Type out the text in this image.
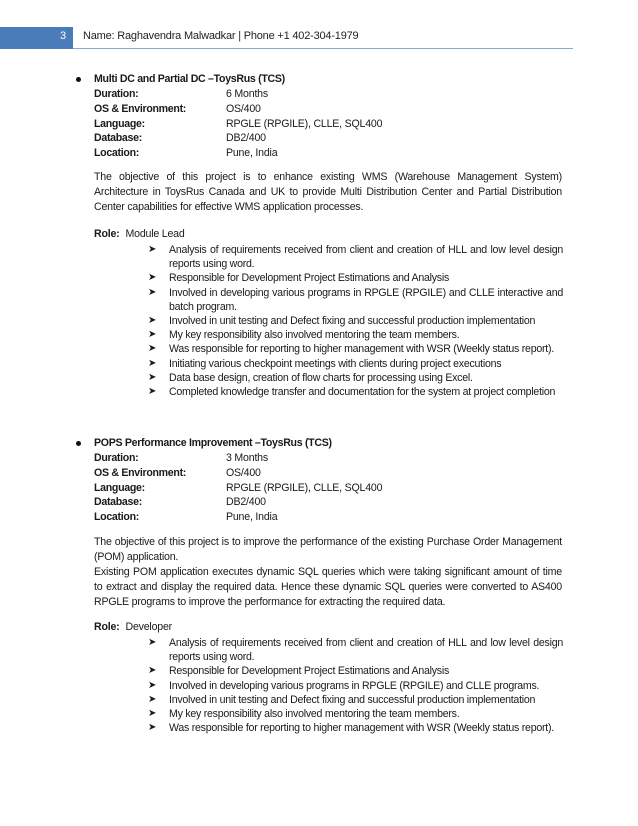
3	Name: Raghavendra Malwadkar | Phone +1 402-304-1979
Multi DC and Partial DC –ToysRus (TCS)
Duration:	6 Months
OS & Environment:	OS/400
Language:	RPGLE (RPGILE), CLLE, SQL400
Database:	DB2/400
Location:	Pune, India
The objective of this project is to enhance existing WMS (Warehouse Management System) Architecture in ToysRus Canada and UK to provide Multi Distribution Center and Partial Distribution Center capabilities for effective WMS application processes.
Role: Module Lead
➤ Analysis of requirements received from client and creation of HLL and low level design reports using word.
➤ Responsible for Development Project Estimations and Analysis
➤ Involved in developing various programs in RPGLE (RPGILE) and CLLE interactive and batch program.
➤ Involved in unit testing and Defect fixing and successful production implementation
➤ My key responsibility also involved mentoring the team members.
➤ Was responsible for reporting to higher management with WSR (Weekly status report).
➤ Initiating various checkpoint meetings with clients during project executions
➤ Data base design, creation of flow charts for processing using Excel.
➤ Completed knowledge transfer and documentation for the system at project completion
POPS Performance Improvement –ToysRus (TCS)
Duration:	3 Months
OS & Environment:	OS/400
Language:	RPGLE (RPGILE), CLLE, SQL400
Database:	DB2/400
Location:	Pune, India
The objective of this project is to improve the performance of the existing Purchase Order Management (POM) application.
Existing POM application executes dynamic SQL queries which were taking significant amount of time to extract and display the required data. Hence these dynamic SQL queries were converted to AS400 RPGLE programs to improve the performance for extracting the required data.
Role: Developer
➤ Analysis of requirements received from client and creation of HLL and low level design reports using word.
➤ Responsible for Development Project Estimations and Analysis
➤ Involved in developing various programs in RPGLE (RPGILE) and CLLE programs.
➤ Involved in unit testing and Defect fixing and successful production implementation
➤ My key responsibility also involved mentoring the team members.
➤ Was responsible for reporting to higher management with WSR (Weekly status report).
